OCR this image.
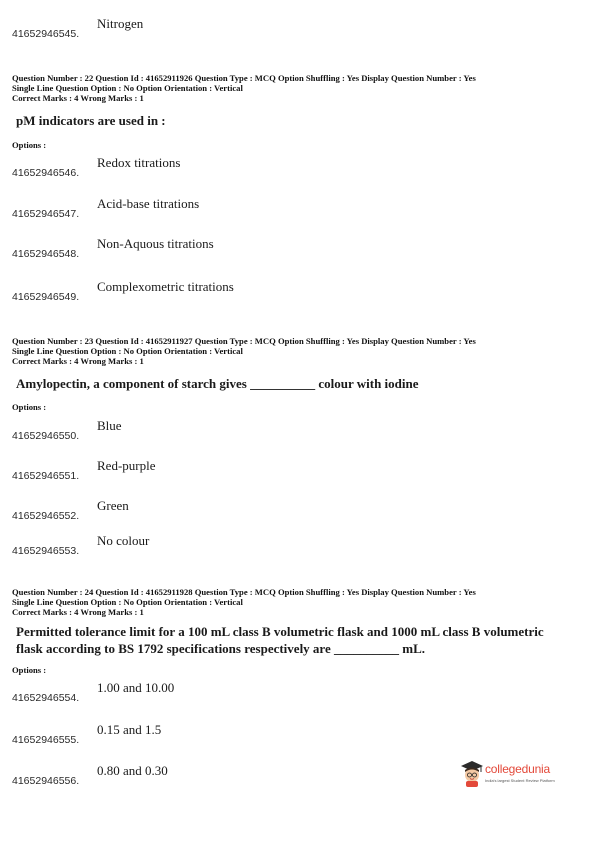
41652946545.
Nitrogen
Question Number : 22 Question Id : 41652911926 Question Type : MCQ Option Shuffling : Yes Display Question Number : Yes
Single Line Question Option : No Option Orientation : Vertical
Correct Marks : 4 Wrong Marks : 1
pM indicators are used in :
Options :
41652946546.
Redox titrations
41652946547.
Acid-base titrations
41652946548.
Non-Aquous titrations
41652946549.
Complexometric titrations
Question Number : 23 Question Id : 41652911927 Question Type : MCQ Option Shuffling : Yes Display Question Number : Yes
Single Line Question Option : No Option Orientation : Vertical
Correct Marks : 4 Wrong Marks : 1
Amylopectin, a component of starch gives __________ colour with iodine
Options :
41652946550.
Blue
41652946551.
Red-purple
41652946552.
Green
41652946553.
No colour
Question Number : 24 Question Id : 41652911928 Question Type : MCQ Option Shuffling : Yes Display Question Number : Yes
Single Line Question Option : No Option Orientation : Vertical
Correct Marks : 4 Wrong Marks : 1
Permitted tolerance limit for a 100 mL class B volumetric flask and 1000 mL class B volumetric
flask according to BS 1792 specifications respectively are __________ mL.
Options :
41652946554.
1.00 and 10.00
41652946555.
0.15 and 1.5
41652946556.
0.80 and 0.30	collegedunia
India's largest Student Review Platform
